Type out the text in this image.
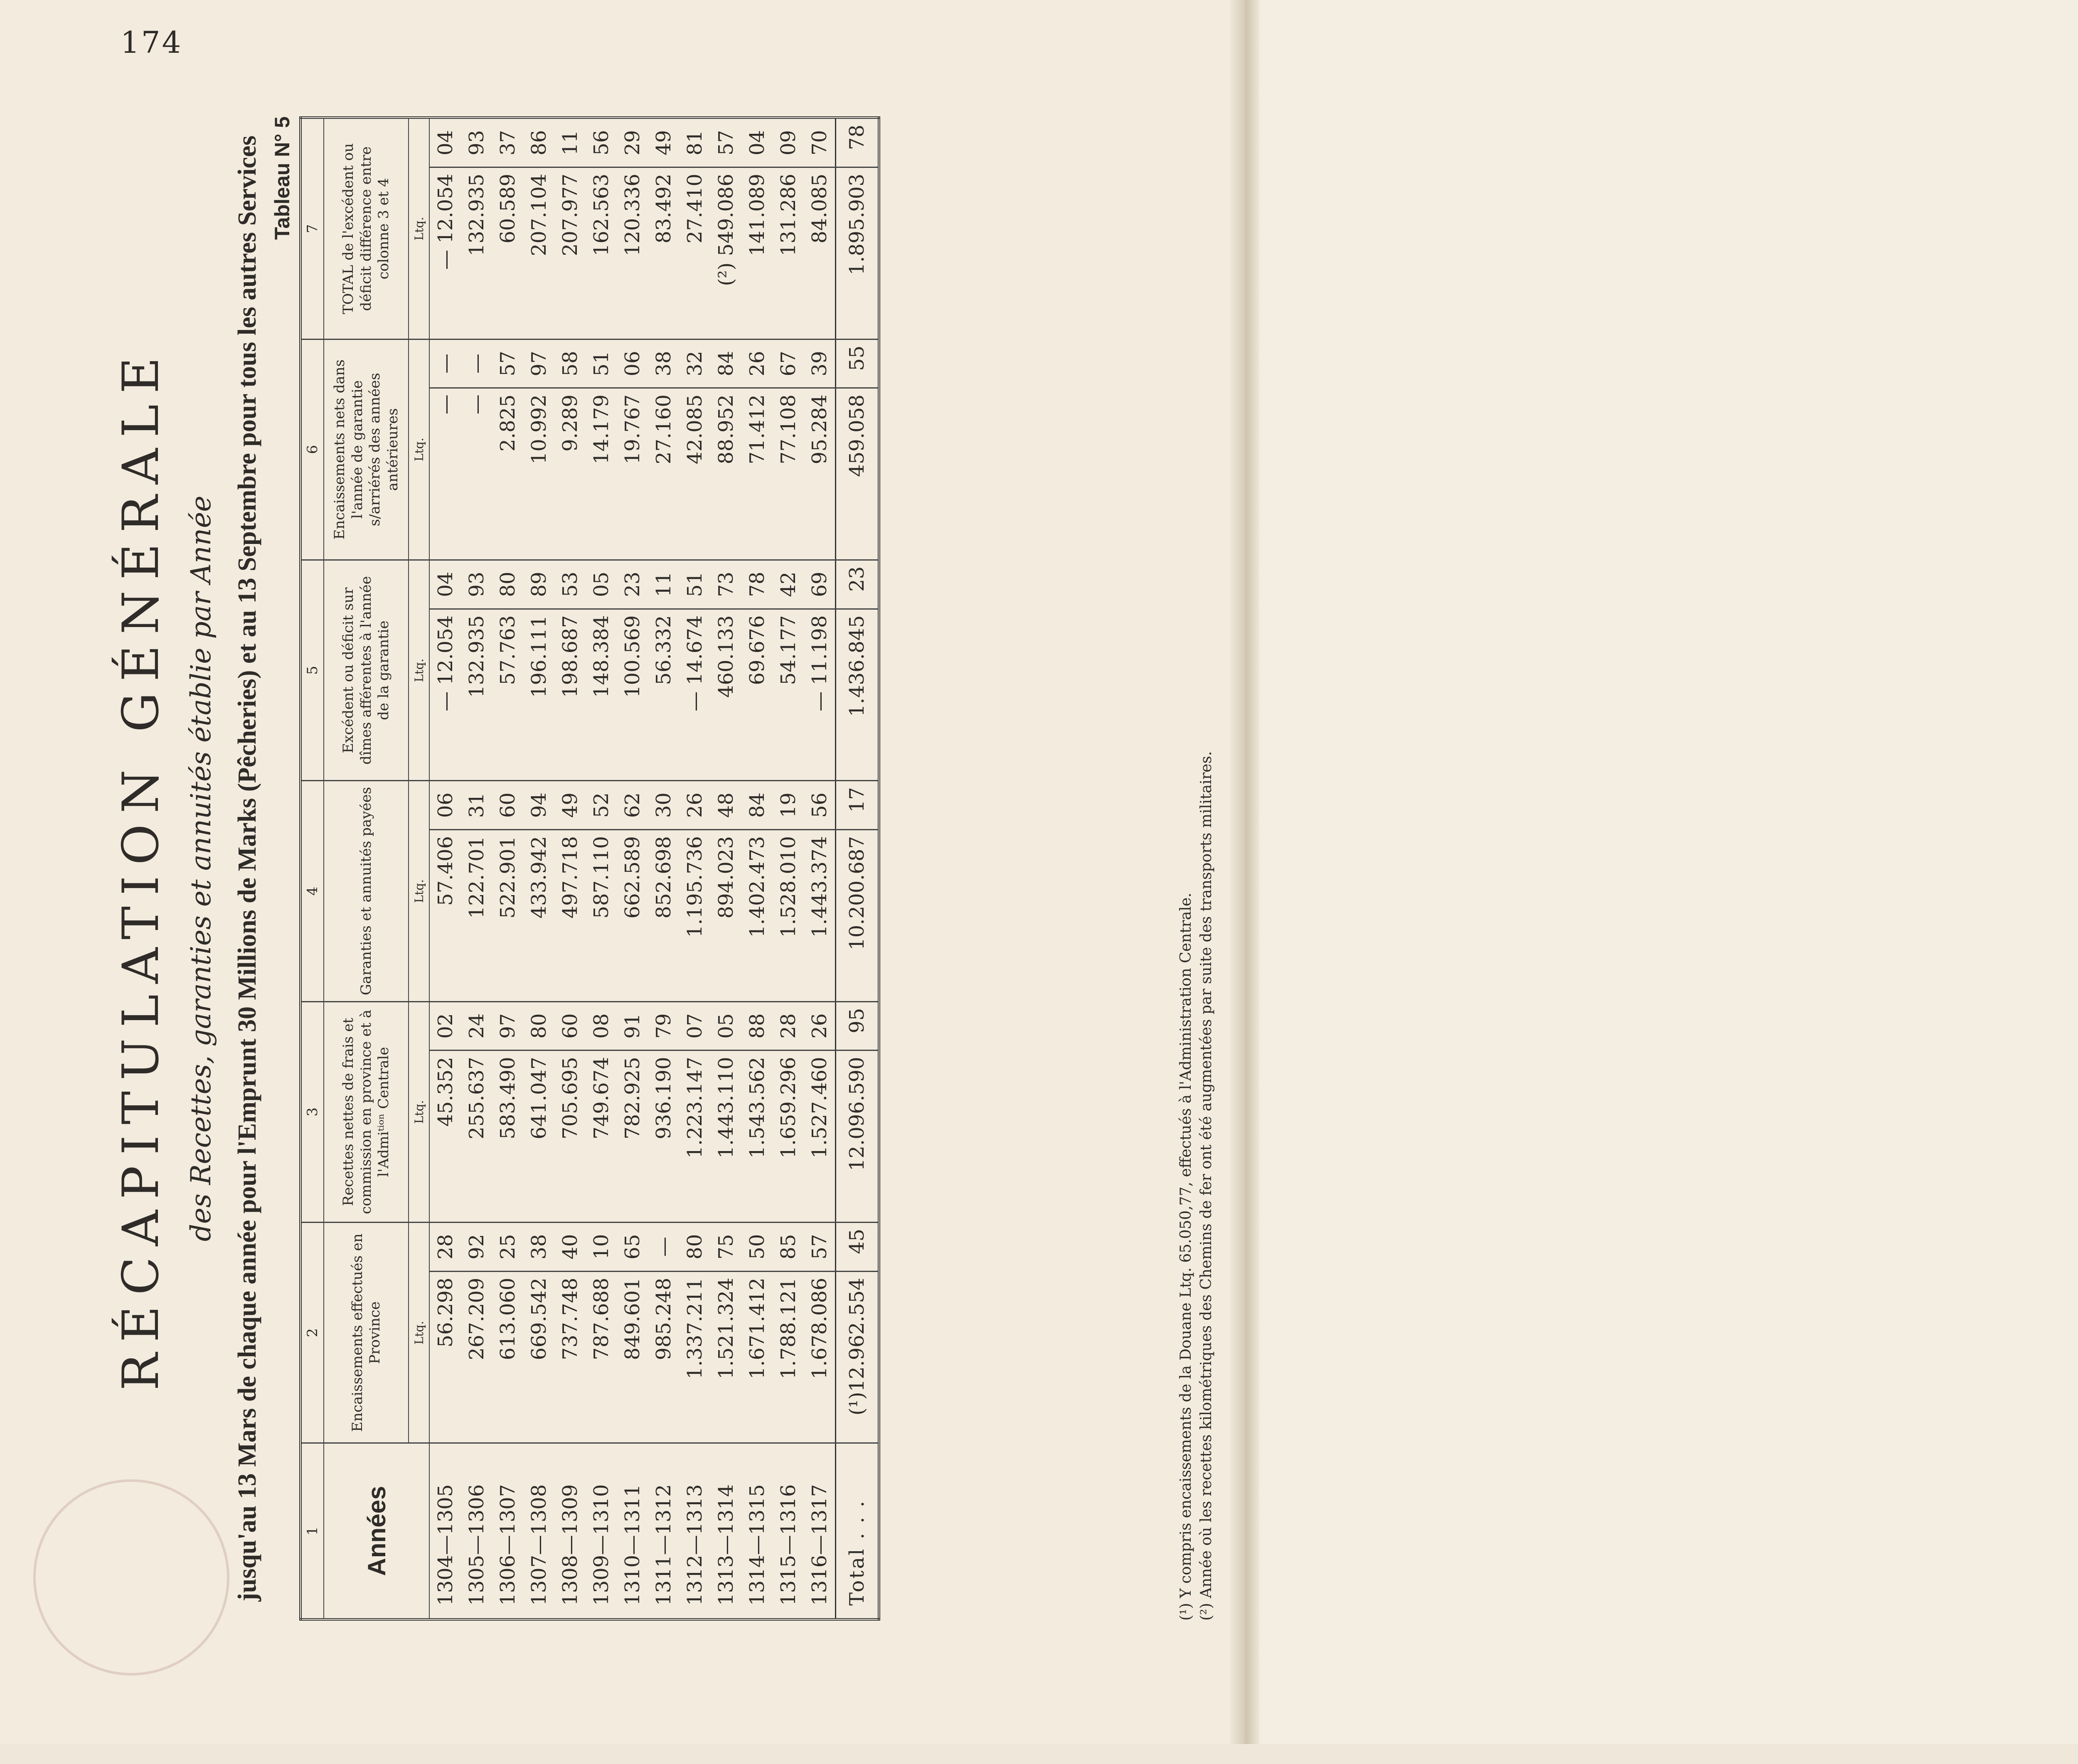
174
RÉCAPITULATION GÉNÉRALE des Recettes, garanties et annuités établie par Année jusqu'au 13 Mars de chaque année pour l'Emprunt 30 Millions de Marks (Pêcheries) et au 13 Septembre pour tous les autres Services Tableau N° 5
1	2		3		4		5		6		7	
Années	Encaissements effectués en Province		Recettes nettes de frais et commission en province et à l'Admiᵗⁱᵒⁿ Centrale		Garanties et annuités payées		Excédent ou déficit sur dîmes afférentes à l'année de la garantie		Encaissements nets dans l'année de garantie s/arriérés des années antérieures		TOTAL de l'excédent ou déficit différence entre colonne 3 et 4	
	Ltq.		Ltq.		Ltq.		Ltq.		Ltq.		Ltq.	
1304—1305	56.298	28	45.352	02	57.406	06	— 12.054	04	—	—	— 12.054	04
1305—1306	267.209	92	255.637	24	122.701	31	132.935	93	—	—	132.935	93
1306—1307	613.060	25	583.490	97	522.901	60	57.763	80	2.825	57	60.589	37
1307—1308	669.542	38	641.047	80	433.942	94	196.111	89	10.992	97	207.104	86
1308—1309	737.748	40	705.695	60	497.718	49	198.687	53	9.289	58	207.977	11
1309—1310	787.688	10	749.674	08	587.110	52	148.384	05	14.179	51	162.563	56
1310—1311	849.601	65	782.925	91	662.589	62	100.569	23	19.767	06	120.336	29
1311—1312	985.248	—	936.190	79	852.698	30	56.332	11	27.160	38	83.492	49
1312—1313	1.337.211	80	1.223.147	07	1.195.736	26	— 14.674	51	42.085	32	27.410	81
1313—1314	1.521.324	75	1.443.110	05	894.023	48	460.133	73	88.952	84	(²) 549.086	57
1314—1315	1.671.412	50	1.543.562	88	1.402.473	84	69.676	78	71.412	26	141.089	04
1315—1316	1.788.121	85	1.659.296	28	1.528.010	19	54.177	42	77.108	67	131.286	09
1316—1317	1.678.086	57	1.527.460	26	1.443.374	56	— 11.198	69	95.284	39	84.085	70
Total . . .	(¹)12.962.554	45	12.096.590	95	10.200.687	17	1.436.845	23	459.058	55	1.895.903	78
(¹) Y compris encaissements de la Douane Ltq. 65.050,77, effectués à l'Administration Centrale. (²) Année où les recettes kilométriques des Chemins de fer ont été augmentées par suite des transports militaires.
